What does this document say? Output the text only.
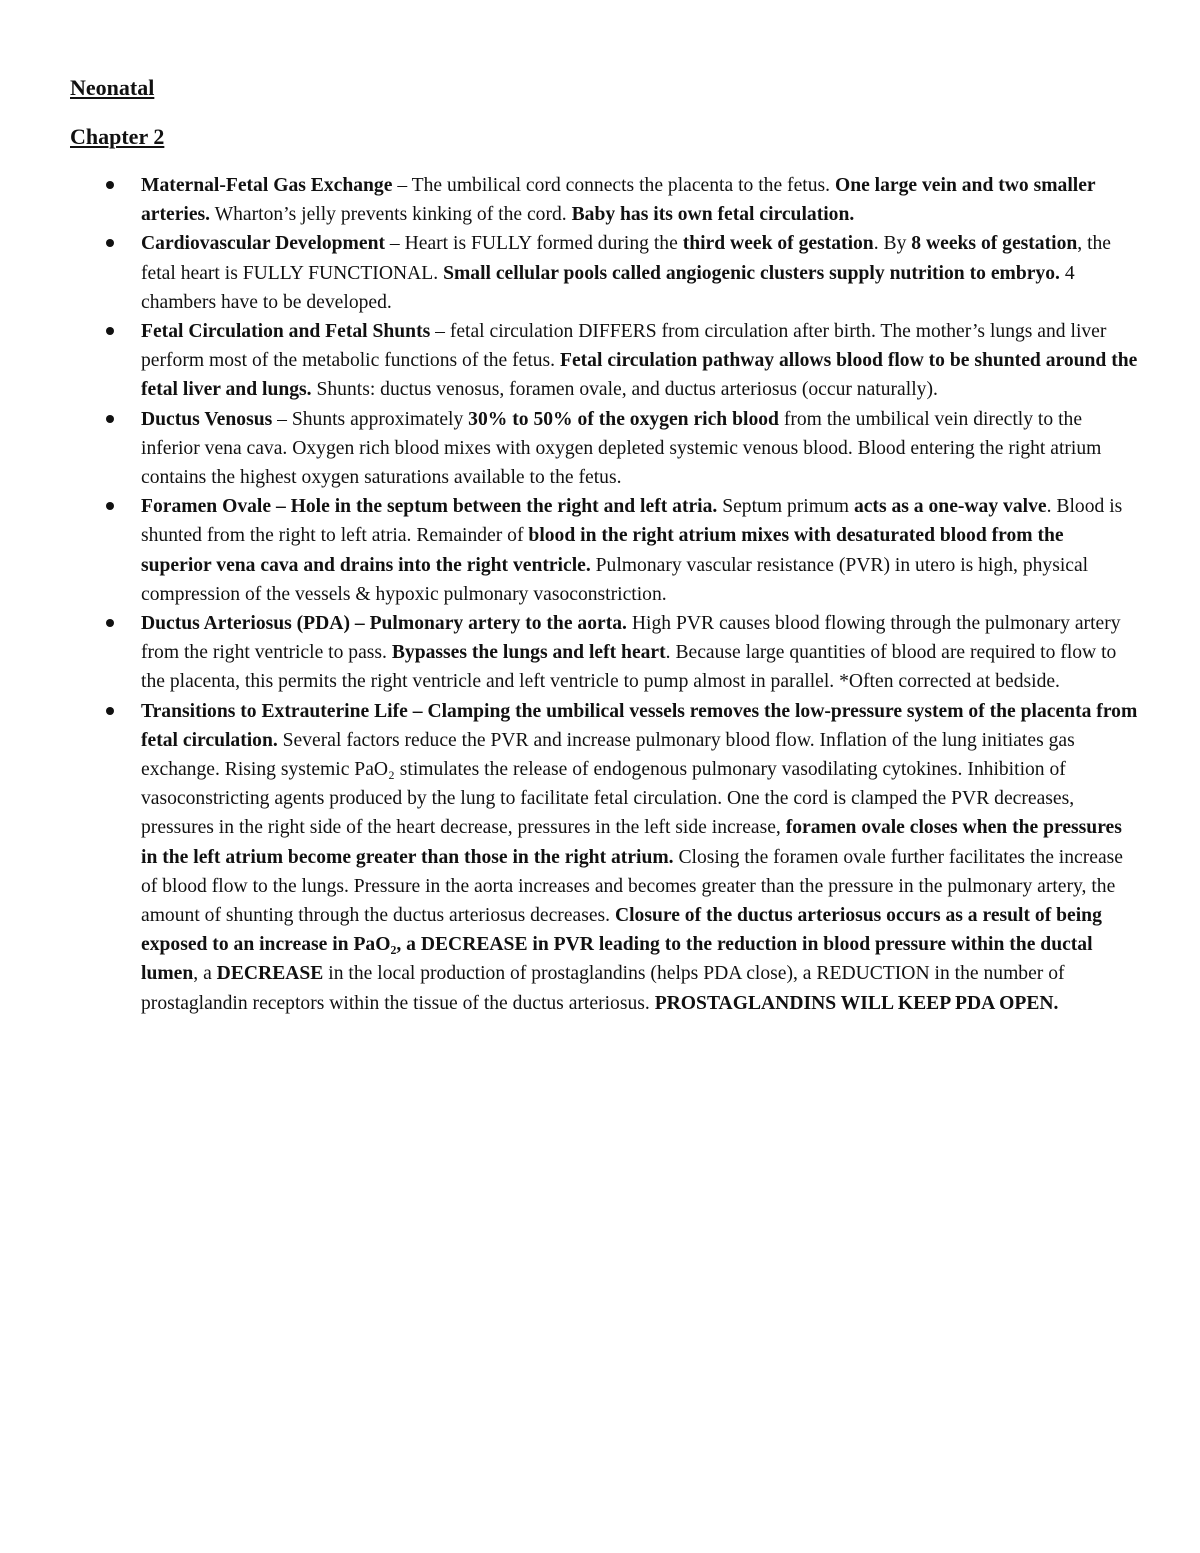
Neonatal
Chapter 2
Maternal-Fetal Gas Exchange – The umbilical cord connects the placenta to the fetus. One large vein and two smaller arteries. Wharton’s jelly prevents kinking of the cord. Baby has its own fetal circulation.
Cardiovascular Development – Heart is FULLY formed during the third week of gestation. By 8 weeks of gestation, the fetal heart is FULLY FUNCTIONAL. Small cellular pools called angiogenic clusters supply nutrition to embryo. 4 chambers have to be developed.
Fetal Circulation and Fetal Shunts – fetal circulation DIFFERS from circulation after birth. The mother’s lungs and liver perform most of the metabolic functions of the fetus. Fetal circulation pathway allows blood flow to be shunted around the fetal liver and lungs. Shunts: ductus venosus, foramen ovale, and ductus arteriosus (occur naturally).
Ductus Venosus – Shunts approximately 30% to 50% of the oxygen rich blood from the umbilical vein directly to the inferior vena cava. Oxygen rich blood mixes with oxygen depleted systemic venous blood. Blood entering the right atrium contains the highest oxygen saturations available to the fetus.
Foramen Ovale – Hole in the septum between the right and left atria. Septum primum acts as a one-way valve. Blood is shunted from the right to left atria. Remainder of blood in the right atrium mixes with desaturated blood from the superior vena cava and drains into the right ventricle. Pulmonary vascular resistance (PVR) in utero is high, physical compression of the vessels & hypoxic pulmonary vasoconstriction.
Ductus Arteriosus (PDA) – Pulmonary artery to the aorta. High PVR causes blood flowing through the pulmonary artery from the right ventricle to pass. Bypasses the lungs and left heart. Because large quantities of blood are required to flow to the placenta, this permits the right ventricle and left ventricle to pump almost in parallel. *Often corrected at bedside.
Transitions to Extrauterine Life – Clamping the umbilical vessels removes the low-pressure system of the placenta from fetal circulation. Several factors reduce the PVR and increase pulmonary blood flow. Inflation of the lung initiates gas exchange. Rising systemic PaO₂ stimulates the release of endogenous pulmonary vasodilating cytokines. Inhibition of vasoconstricting agents produced by the lung to facilitate fetal circulation. One the cord is clamped the PVR decreases, pressures in the right side of the heart decrease, pressures in the left side increase, foramen ovale closes when the pressures in the left atrium become greater than those in the right atrium. Closing the foramen ovale further facilitates the increase of blood flow to the lungs. Pressure in the aorta increases and becomes greater than the pressure in the pulmonary artery, the amount of shunting through the ductus arteriosus decreases. Closure of the ductus arteriosus occurs as a result of being exposed to an increase in PaO₂, a DECREASE in PVR leading to the reduction in blood pressure within the ductal lumen, a DECREASE in the local production of prostaglandins (helps PDA close), a REDUCTION in the number of prostaglandin receptors within the tissue of the ductus arteriosus. PROSTAGLANDINS WILL KEEP PDA OPEN.
